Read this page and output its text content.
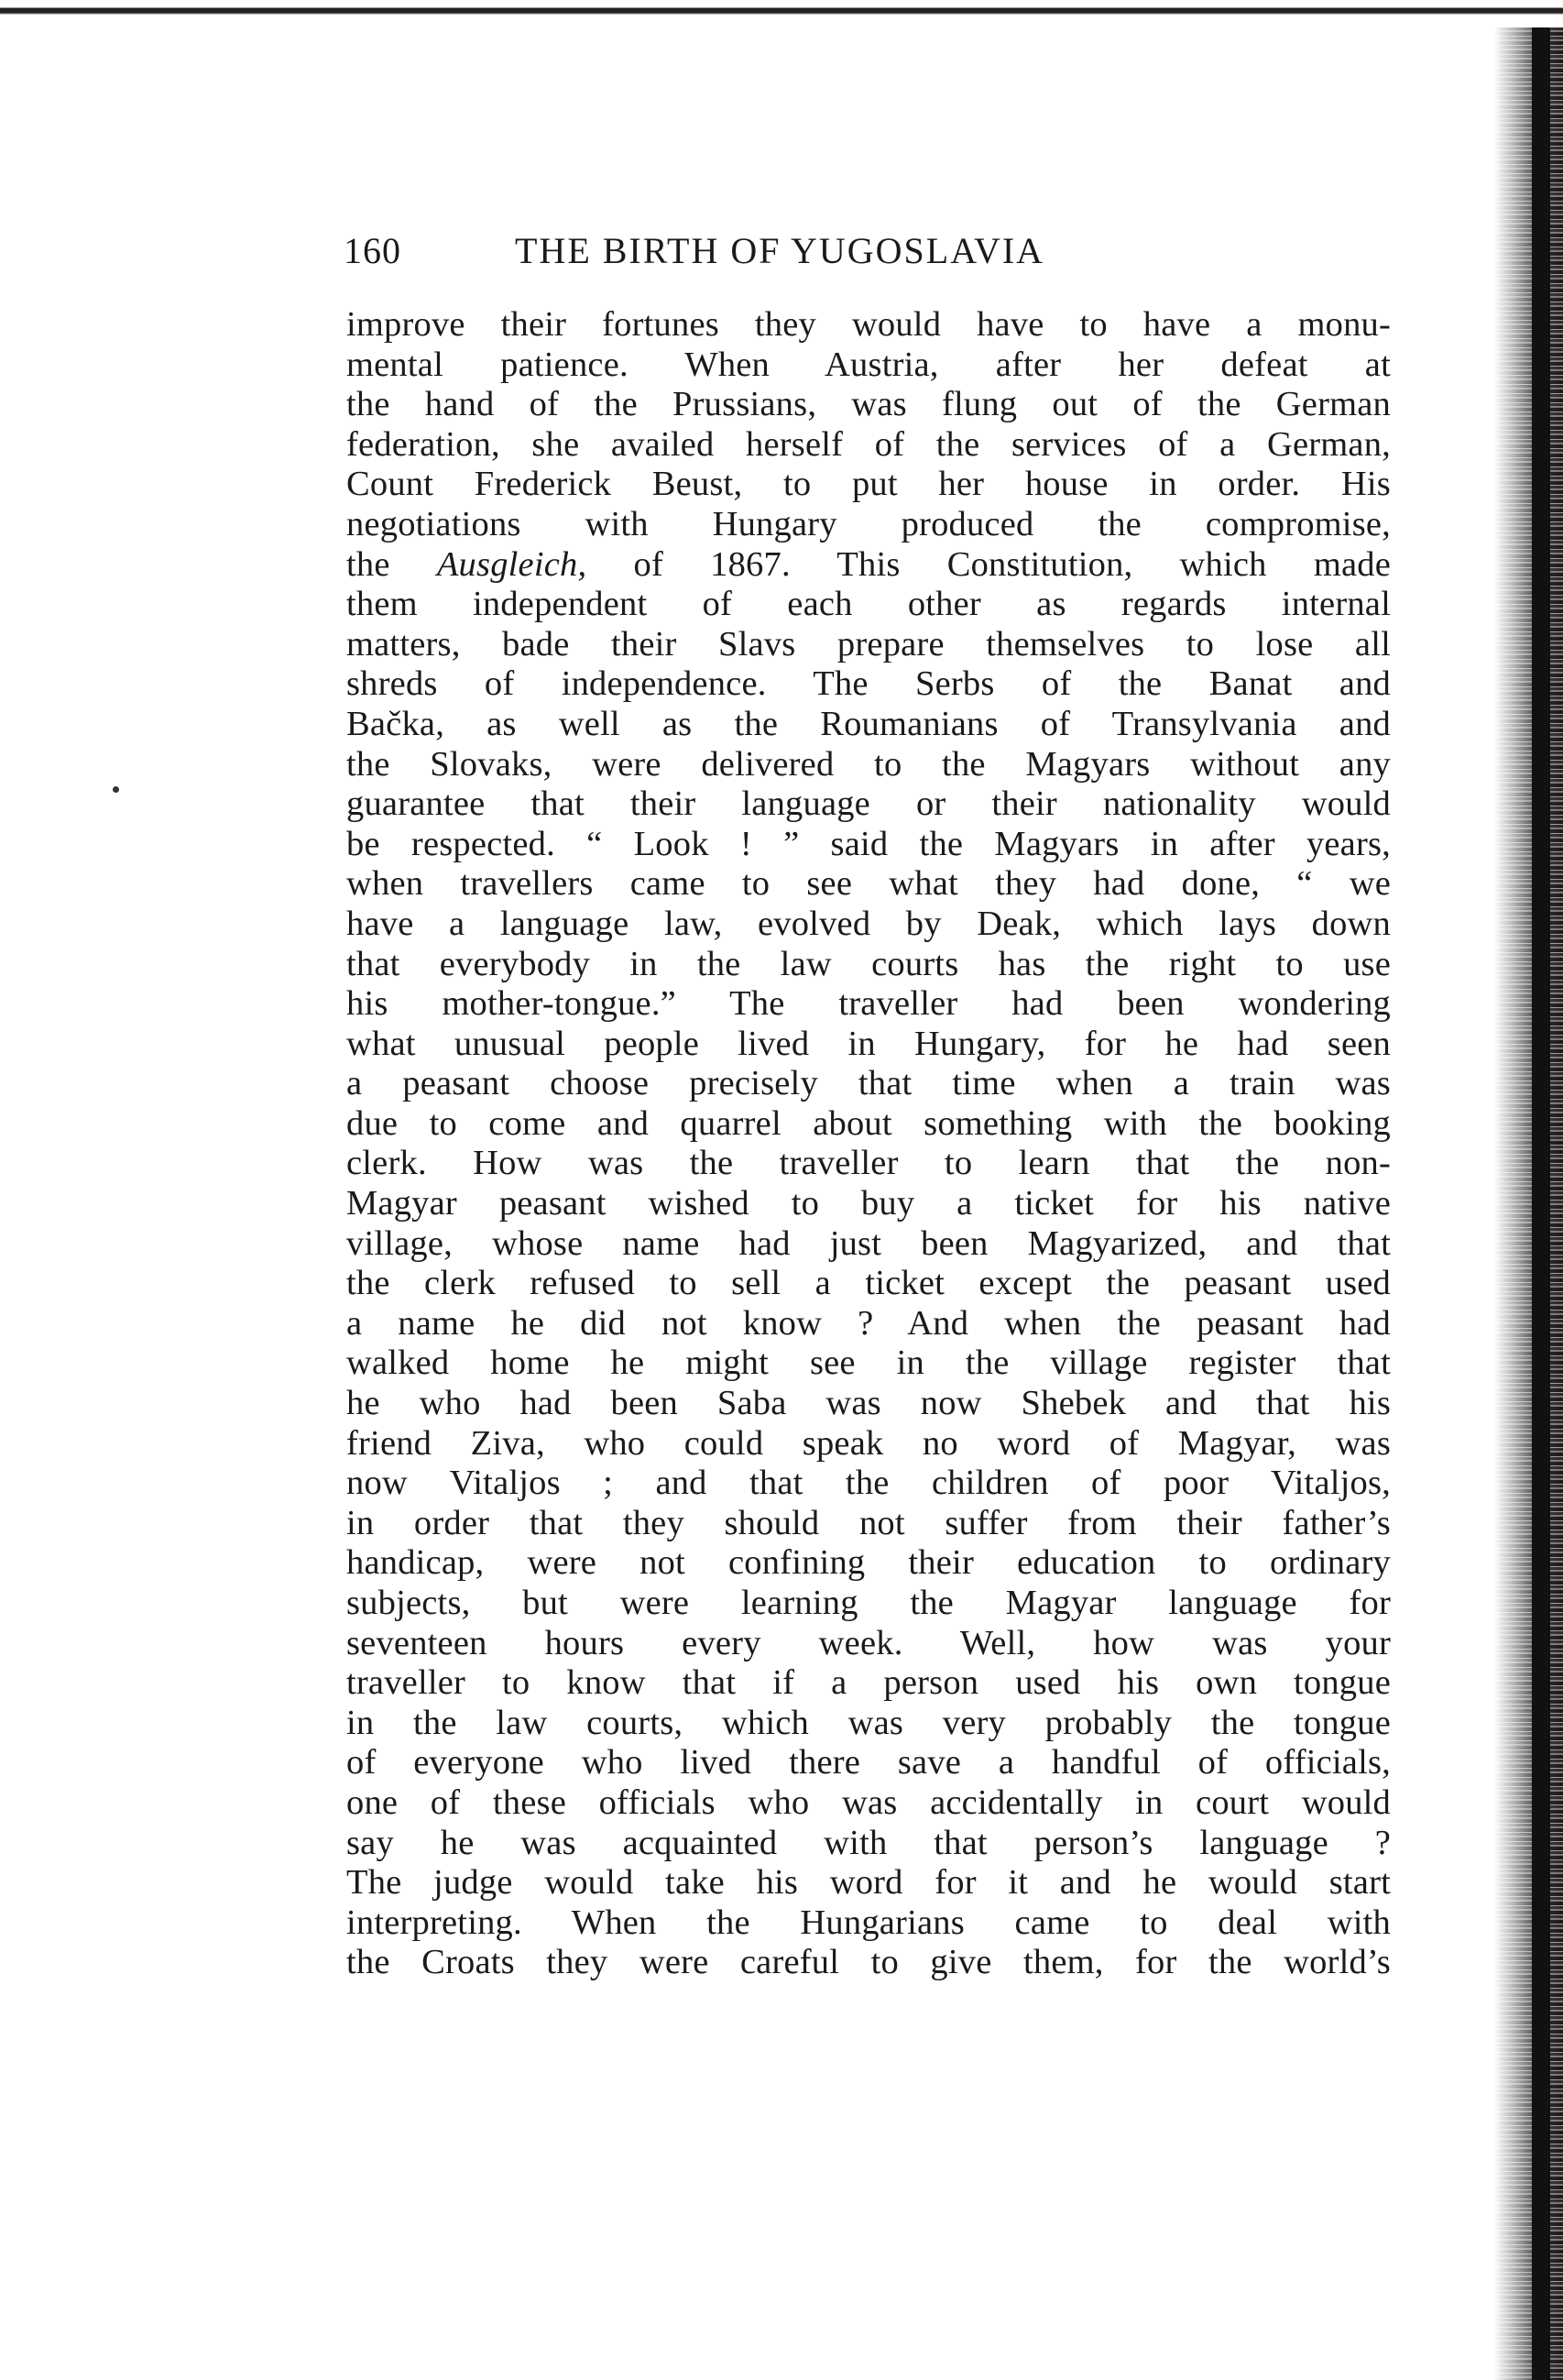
160	THE BIRTH OF YUGOSLAVIA
improve their fortunes they would have to have a monu-
mental patience. When Austria, after her defeat at
the hand of the Prussians, was flung out of the German
federation, she availed herself of the services of a German,
Count Frederick Beust, to put her house in order. His
negotiations with Hungary produced the compromise,
the Ausgleich, of 1867. This Constitution, which made
them independent of each other as regards internal
matters, bade their Slavs prepare themselves to lose all
shreds of independence. The Serbs of the Banat and
Bačka, as well as the Roumanians of Transylvania and
the Slovaks, were delivered to the Magyars without any
guarantee that their language or their nationality would
be respected. “ Look ! ” said the Magyars in after years,
when travellers came to see what they had done, “ we
have a language law, evolved by Deak, which lays down
that everybody in the law courts has the right to use
his mother-tongue.” The traveller had been wondering
what unusual people lived in Hungary, for he had seen
a peasant choose precisely that time when a train was
due to come and quarrel about something with the booking
clerk. How was the traveller to learn that the non-
Magyar peasant wished to buy a ticket for his native
village, whose name had just been Magyarized, and that
the clerk refused to sell a ticket except the peasant used
a name he did not know ? And when the peasant had
walked home he might see in the village register that
he who had been Saba was now Shebek and that his
friend Ziva, who could speak no word of Magyar, was
now Vitaljos ; and that the children of poor Vitaljos,
in order that they should not suffer from their father’s
handicap, were not confining their education to ordinary
subjects, but were learning the Magyar language for
seventeen hours every week. Well, how was your
traveller to know that if a person used his own tongue
in the law courts, which was very probably the tongue
of everyone who lived there save a handful of officials,
one of these officials who was accidentally in court would
say he was acquainted with that person’s language ?
The judge would take his word for it and he would start
interpreting. When the Hungarians came to deal with
the Croats they were careful to give them, for the world’s
